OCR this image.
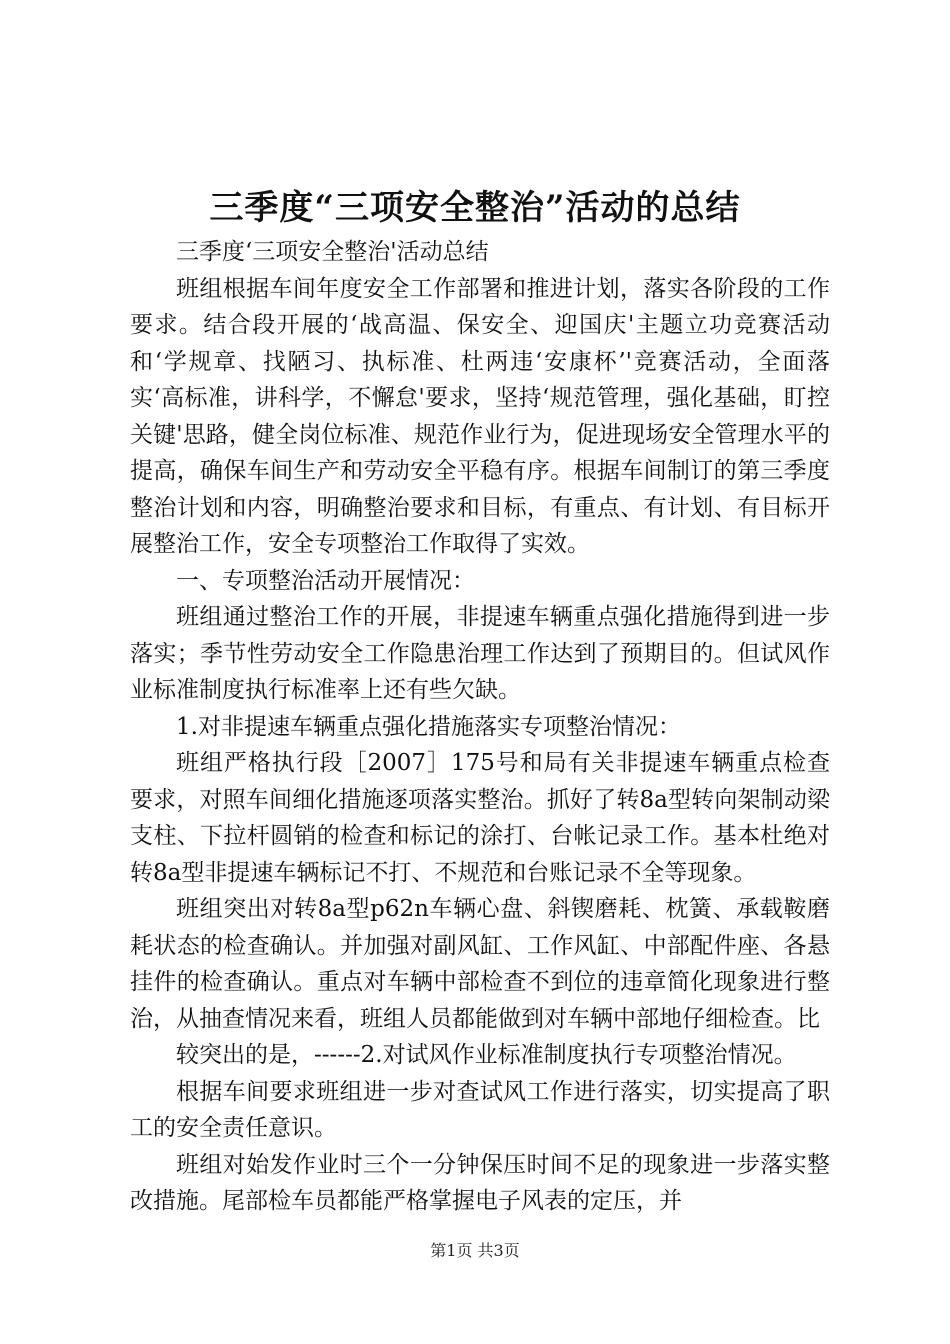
三季度“三项安全整治”活动的总结

三季度‘三项安全整治'活动总结

班组根据车间年度安全工作部署和推进计划，落实各阶段的工作要求。结合段开展的‘战高温、保安全、迎国庆'主题立功竞赛活动和‘学规章、找陋习、执标准、杜两违‘安康杯’'竞赛活动，全面落实‘高标准，讲科学，不懈怠'要求，坚持‘规范管理，强化基础，盯控关键'思路，健全岗位标准、规范作业行为，促进现场安全管理水平的提高，确保车间生产和劳动安全平稳有序。根据车间制订的第三季度整治计划和内容，明确整治要求和目标，有重点、有计划、有目标开展整治工作，安全专项整治工作取得了实效。

一、专项整治活动开展情况：

班组通过整治工作的开展，非提速车辆重点强化措施得到进一步落实；季节性劳动安全工作隐患治理工作达到了预期目的。但试风作业标准制度执行标准率上还有些欠缺。

1.对非提速车辆重点强化措施落实专项整治情况：

班组严格执行段［2007］175号和局有关非提速车辆重点检查要求，对照车间细化措施逐项落实整治。抓好了转8a型转向架制动梁支柱、下拉杆圆销的检查和标记的涂打、台帐记录工作。基本杜绝对转8a型非提速车辆标记不打、不规范和台账记录不全等现象。

班组突出对转8a型p62n车辆心盘、斜锲磨耗、枕簧、承载鞍磨耗状态的检查确认。并加强对副风缸、工作风缸、中部配件座、各悬挂件的检查确认。重点对车辆中部检查不到位的违章简化现象进行整治，从抽查情况来看，班组人员都能做到对车辆中部地仔细检查。比

较突出的是，------2.对试风作业标准制度执行专项整治情况。

根据车间要求班组进一步对查试风工作进行落实，切实提高了职工的安全责任意识。

班组对始发作业时三个一分钟保压时间不足的现象进一步落实整改措施。尾部检车员都能严格掌握电子风表的定压，并

第1页 共3页
